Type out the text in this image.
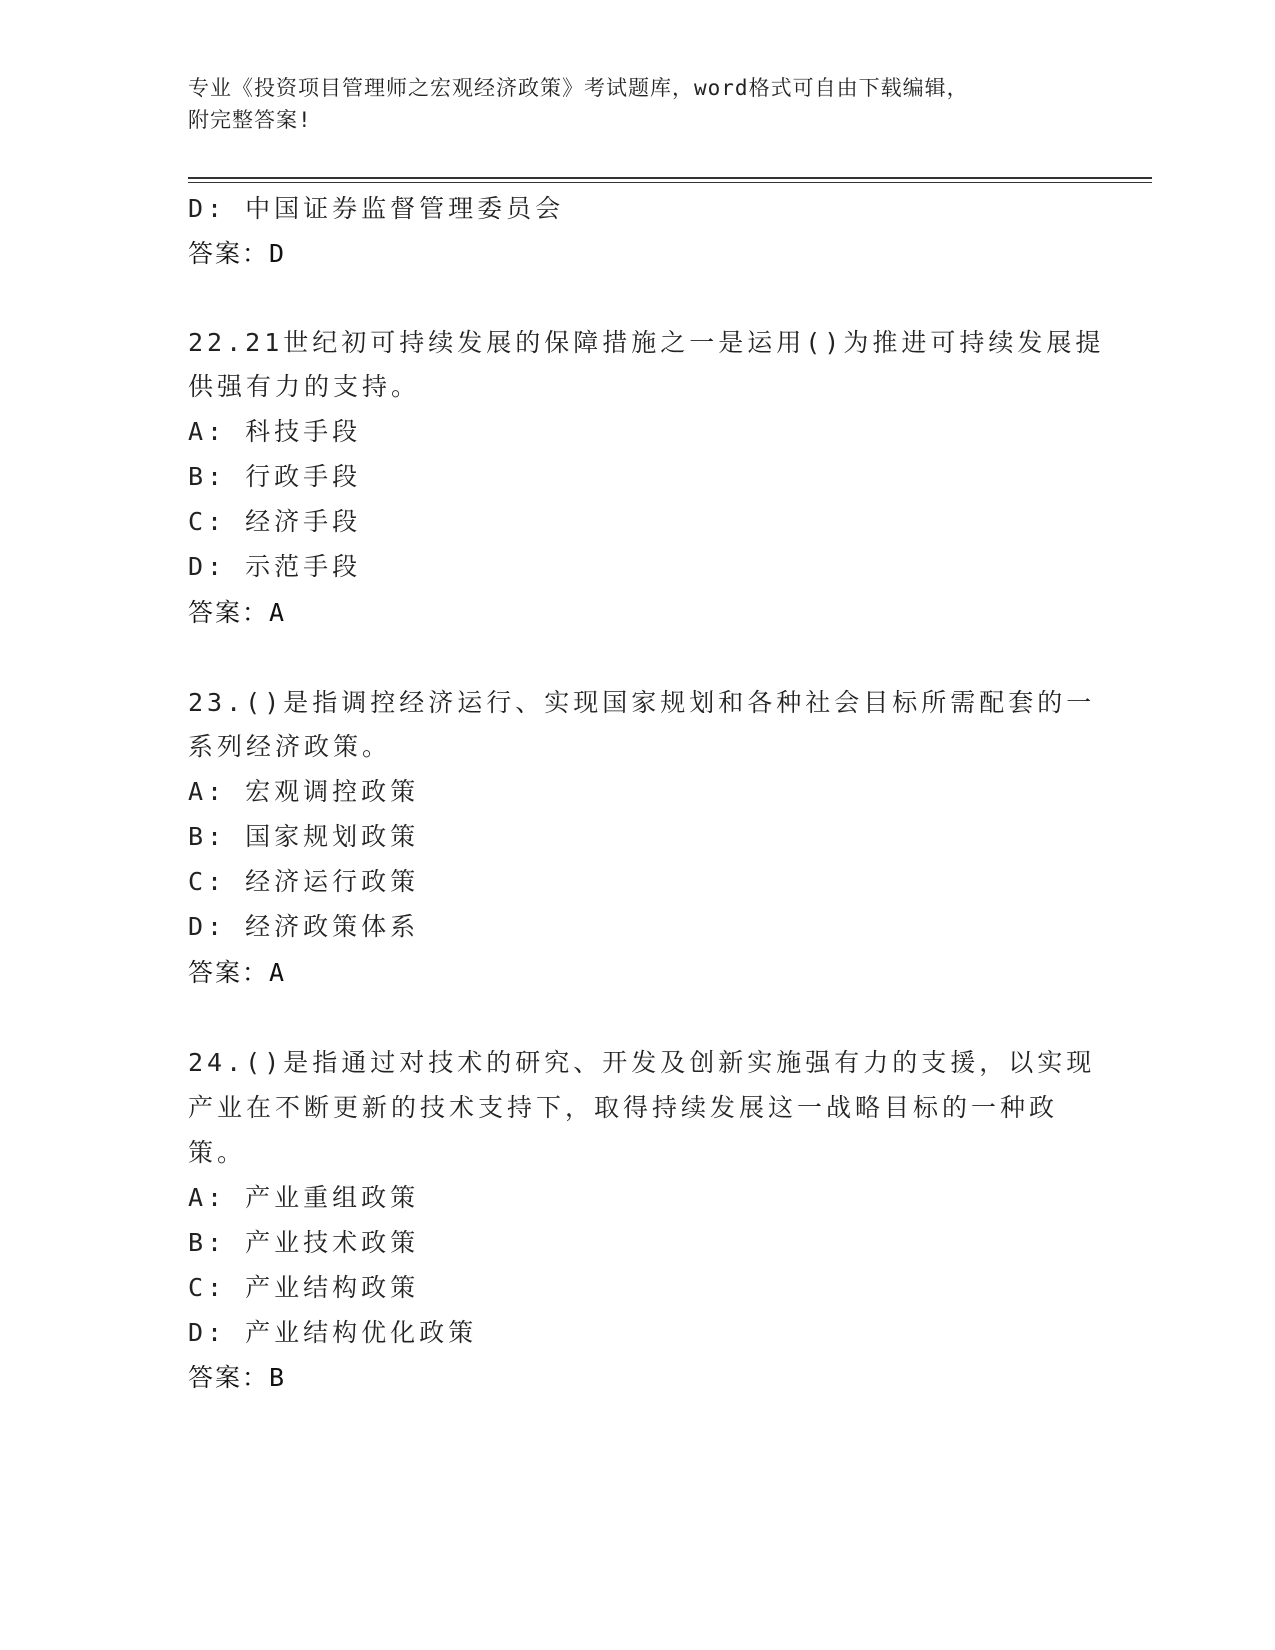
专业《投资项目管理师之宏观经济政策》考试题库，word格式可自由下载编辑，
附完整答案!
D: 中国证券监督管理委员会
答案：D
22.21世纪初可持续发展的保障措施之一是运用()为推进可持续发展提
供强有力的支持。
A: 科技手段
B: 行政手段
C: 经济手段
D: 示范手段
答案：A
23.()是指调控经济运行、实现国家规划和各种社会目标所需配套的一
系列经济政策。
A: 宏观调控政策
B: 国家规划政策
C: 经济运行政策
D: 经济政策体系
答案：A
24.()是指通过对技术的研究、开发及创新实施强有力的支援，以实现
产业在不断更新的技术支持下，取得持续发展这一战略目标的一种政
策。
A: 产业重组政策
B: 产业技术政策
C: 产业结构政策
D: 产业结构优化政策
答案：B
